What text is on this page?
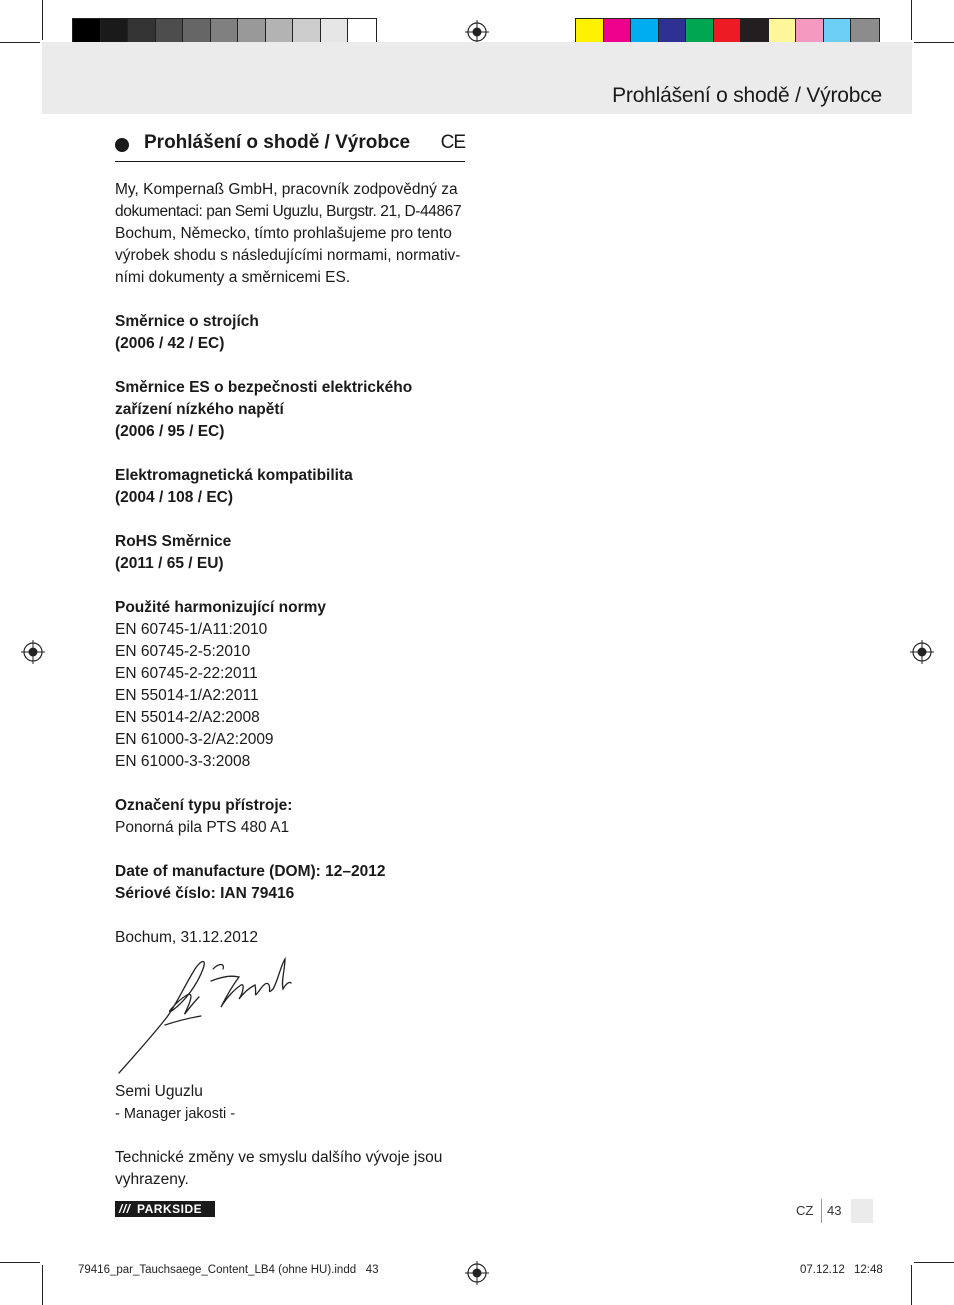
Prohlášení o shodě / Výrobce
Prohlášení o shodě / Výrobce CE

My, Kompernaß GmbH, pracovník zodpovědný za
dokumentaci: pan Semi Uguzlu, Burgstr. 21, D-44867
Bochum, Německo, tímto prohlašujeme pro tento
výrobek shodu s následujícími normami, normativ-
ními dokumenty a směrnicemi ES.

Směrnice o strojích
(2006 / 42 / EC)

Směrnice ES o bezpečnosti elektrického
zařízení nízkého napětí
(2006 / 95 / EC)

Elektromagnetická kompatibilita
(2004 / 108 / EC)

RoHS Směrnice
(2011 / 65 / EU)

Použité harmonizující normy
EN 60745-1/A11:2010
EN 60745-2-5:2010
EN 60745-2-22:2011
EN 55014-1/A2:2011
EN 55014-2/A2:2008
EN 61000-3-2/A2:2009
EN 61000-3-3:2008

Označení typu přístroje:
Ponorná pila PTS 480 A1

Date of manufacture (DOM): 12–2012
Sériové číslo: IAN 79416

Bochum, 31.12.2012

Semi Uguzlu
- Manager jakosti -

Technické změny ve smyslu dalšího vývoje jsou
vyhrazeny.

/// PARKSIDE	CZ 43
79416_par_Tauchsaege_Content_LB4 (ohne HU).indd   43	07.12.12 12:48
